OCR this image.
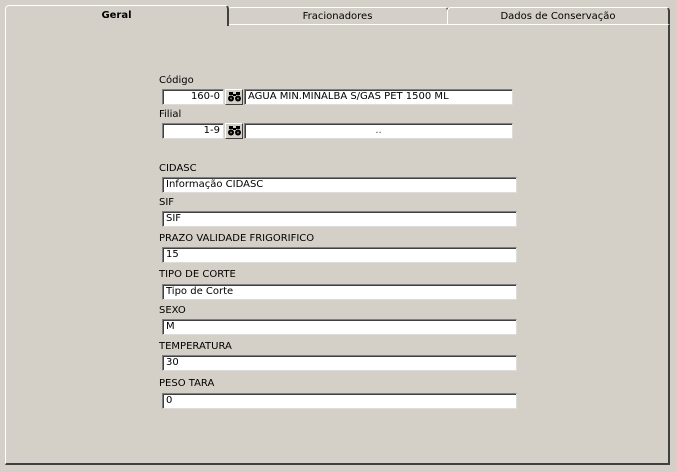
Geral	Fracionadores	Dados de Conservação
Código
160-0	AGUA MIN.MINALBA S/GAS PET 1500 ML
Filial
1-9	..
CIDASC
Informação CIDASC
SIF
SIF
PRAZO VALIDADE FRIGORIFICO
15
TIPO DE CORTE
Tipo de Corte
SEXO
M
TEMPERATURA
30
PESO TARA
0
